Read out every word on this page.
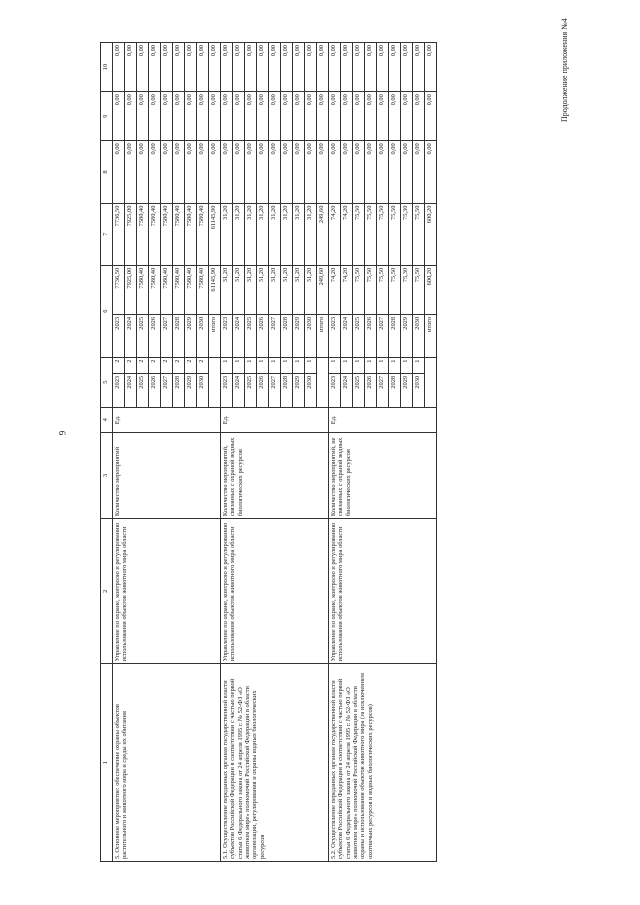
9
Продолжение приложения №4
1	2	3	4	5		6		7	8	9	10
5. Основное мероприятие: обеспечение охраны объектов растительного и животного мира и среды их обитания	Управление по охране, контролю и регулированию использования объектов животного мира области	Количество мероприятий	Ед.	2023	2	2023	7736,50	7736,50	0,00	0,00	0,00
				2024	2	2024	7925,00	7925,00	0,00	0,00	0,00
				2025	2	2025	7580,40	7580,40	0,00	0,00	0,00
				2026	2	2026	7580,40	7580,40	0,00	0,00	0,00
				2027	2	2027	7580,40	7580,40	0,00	0,00	0,00
				2028	2	2028	7580,40	7580,40	0,00	0,00	0,00
				2029	2	2029	7580,40	7580,40	0,00	0,00	0,00
				2030	2	2030	7580,40	7580,40	0,00	0,00	0,00
						итого	61145,90	61145,90	0,00	0,00	0,00
5.1. Осуществление переданных органам государственной власти субъектов Российской Федерации в соответствии с частью первой статьи 6 Федерального закона от 24 апреля 1995 г. № 52-ФЗ «О животном мире» полномочий Российской Федерации в области организации, регулирования и охраны водных биологических ресурсов	Управление по охране, контролю и регулированию использования объектов животного мира области	Количество мероприятий, связанных с охраной водных биологических ресурсов	Ед.	2023	1	2023	31,20	31,20	0,00	0,00	0,00
				2024	1	2024	31,20	31,20	0,00	0,00	0,00
				2025	1	2025	31,20	31,20	0,00	0,00	0,00
				2026	1	2026	31,20	31,20	0,00	0,00	0,00
				2027	1	2027	31,20	31,20	0,00	0,00	0,00
				2028	1	2028	31,20	31,20	0,00	0,00	0,00
				2029	1	2029	31,20	31,20	0,00	0,00	0,00
				2030	1	2030	31,20	31,20	0,00	0,00	0,00
						итого	249,60	249,60	0,00	0,00	0,00
5.2. Осуществление переданных органам государственной власти субъектов Российской Федерации в соответствии с частью первой статьи 6 Федерального закона от 24 апреля 1995 г. № 52-ФЗ «О животном мире» полномочий Российской Федерации в области охраны и использования объектов животного мира (за исключением охотничьих ресурсов и водных биологических ресурсов)	Управление по охране, контролю и регулированию использования объектов животного мира области	Количество мероприятий, не связанных с охраной водных биологических ресурсов	Ед.	2023	1	2023	74,20	74,20	0,00	0,00	0,00
				2024	1	2024	74,20	74,20	0,00	0,00	0,00
				2025	1	2025	75,50	75,50	0,00	0,00	0,00
				2026	1	2026	75,50	75,50	0,00	0,00	0,00
				2027	1	2027	75,50	75,50	0,00	0,00	0,00
				2028	1	2028	75,50	75,50	0,00	0,00	0,00
				2029	1	2029	75,30	75,30	0,00	0,00	0,00
				2030	1	2030	75,50	75,50	0,00	0,00	0,00
						итого	600,20	600,20	0,00	0,00	0,00
